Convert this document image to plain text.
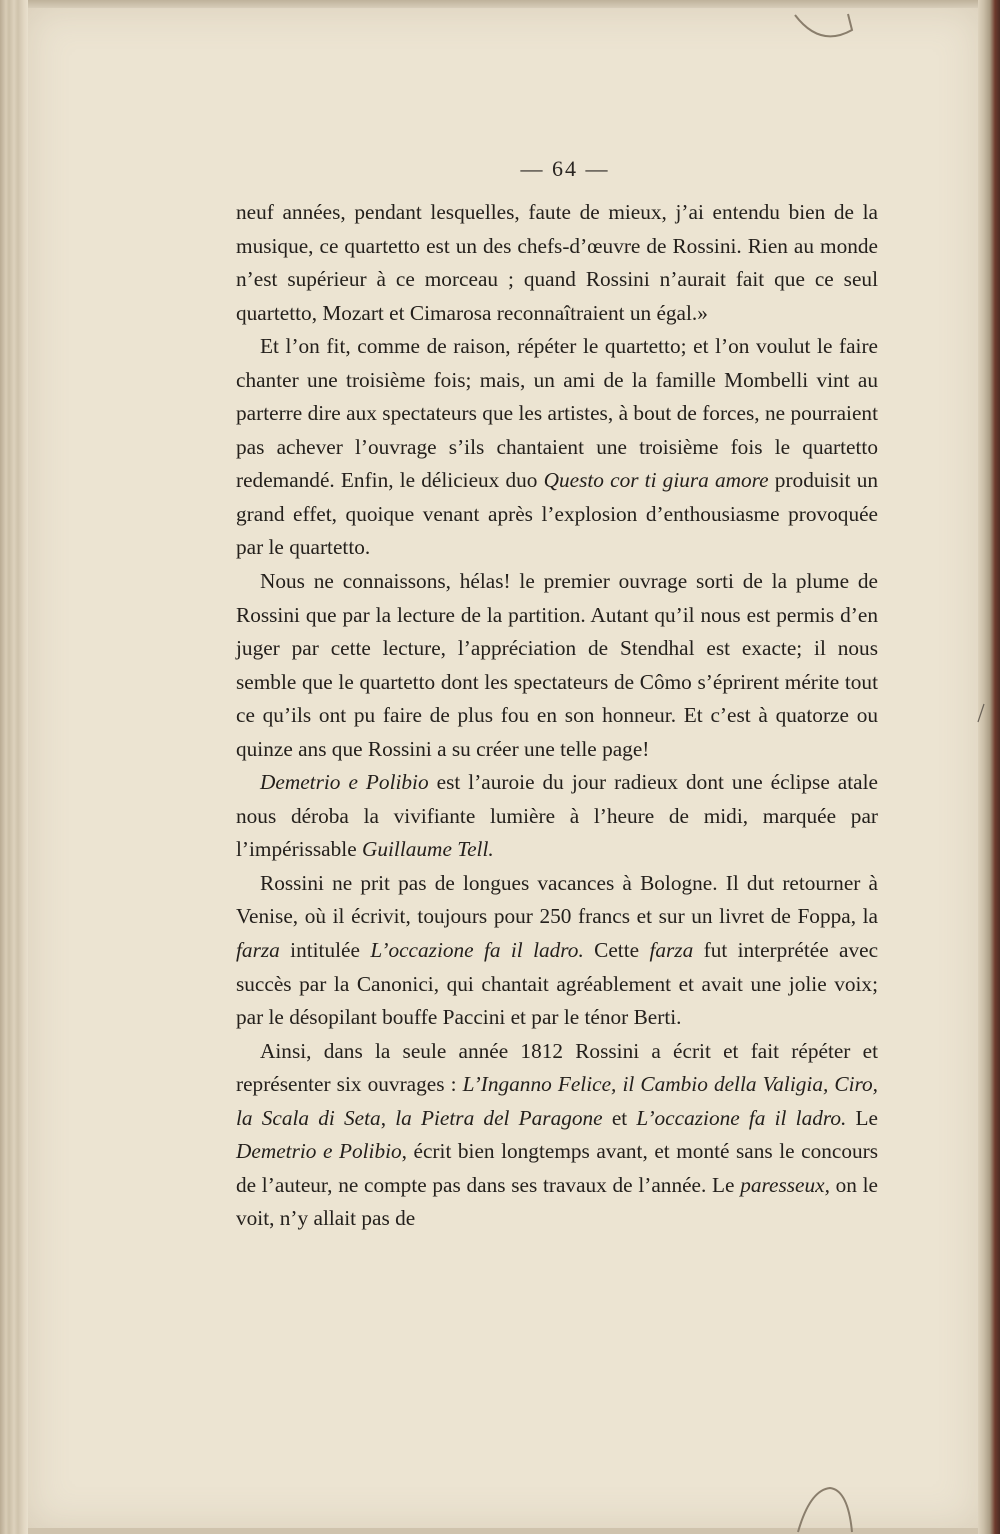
— 64 —

neuf années, pendant lesquelles, faute de mieux, j’ai entendu bien de la musique, ce quartetto est un des chefs-d’œuvre de Rossini. Rien au monde n’est supérieur à ce morceau ; quand Rossini n’aurait fait que ce seul quartetto, Mozart et Cimarosa reconnaîtraient un égal.»

Et l’on fit, comme de raison, répéter le quartetto; et l’on voulut le faire chanter une troisième fois; mais, un ami de la famille Mombelli vint au parterre dire aux spectateurs que les artistes, à bout de forces, ne pourraient pas achever l’ouvrage s’ils chantaient une troisième fois le quartetto redemandé. Enfin, le délicieux duo Questo cor ti giura amore produisit un grand effet, quoique venant après l’explosion d’enthousiasme provoquée par le quartetto.

Nous ne connaissons, hélas! le premier ouvrage sorti de la plume de Rossini que par la lecture de la partition. Autant qu’il nous est permis d’en juger par cette lecture, l’appréciation de Stendhal est exacte; il nous semble que le quartetto dont les spectateurs de Cômo s’éprirent mérite tout ce qu’ils ont pu faire de plus fou en son honneur. Et c’est à quatorze ou quinze ans que Rossini a su créer une telle page!

Demetrio e Polibio est l’auroie du jour radieux dont une éclipse atale nous déroba la vivifiante lumière à l’heure de midi, marquée par l’impérissable Guillaume Tell.

Rossini ne prit pas de longues vacances à Bologne. Il dut retourner à Venise, où il écrivit, toujours pour 250 francs et sur un livret de Foppa, la farza intitulée L’occazione fa il ladro. Cette farza fut interprétée avec succès par la Canonici, qui chantait agréablement et avait une jolie voix; par le désopilant bouffe Paccini et par le ténor Berti.

Ainsi, dans la seule année 1812 Rossini a écrit et fait répéter et représenter six ouvrages : L’Inganno Felice, il Cambio della Valigia, Ciro, la Scala di Seta, la Pietra del Paragone et L’occazione fa il ladro. Le Demetrio e Polibio, écrit bien longtemps avant, et monté sans le concours de l’auteur, ne compte pas dans ses travaux de l’année. Le paresseux, on le voit, n’y allait pas de
